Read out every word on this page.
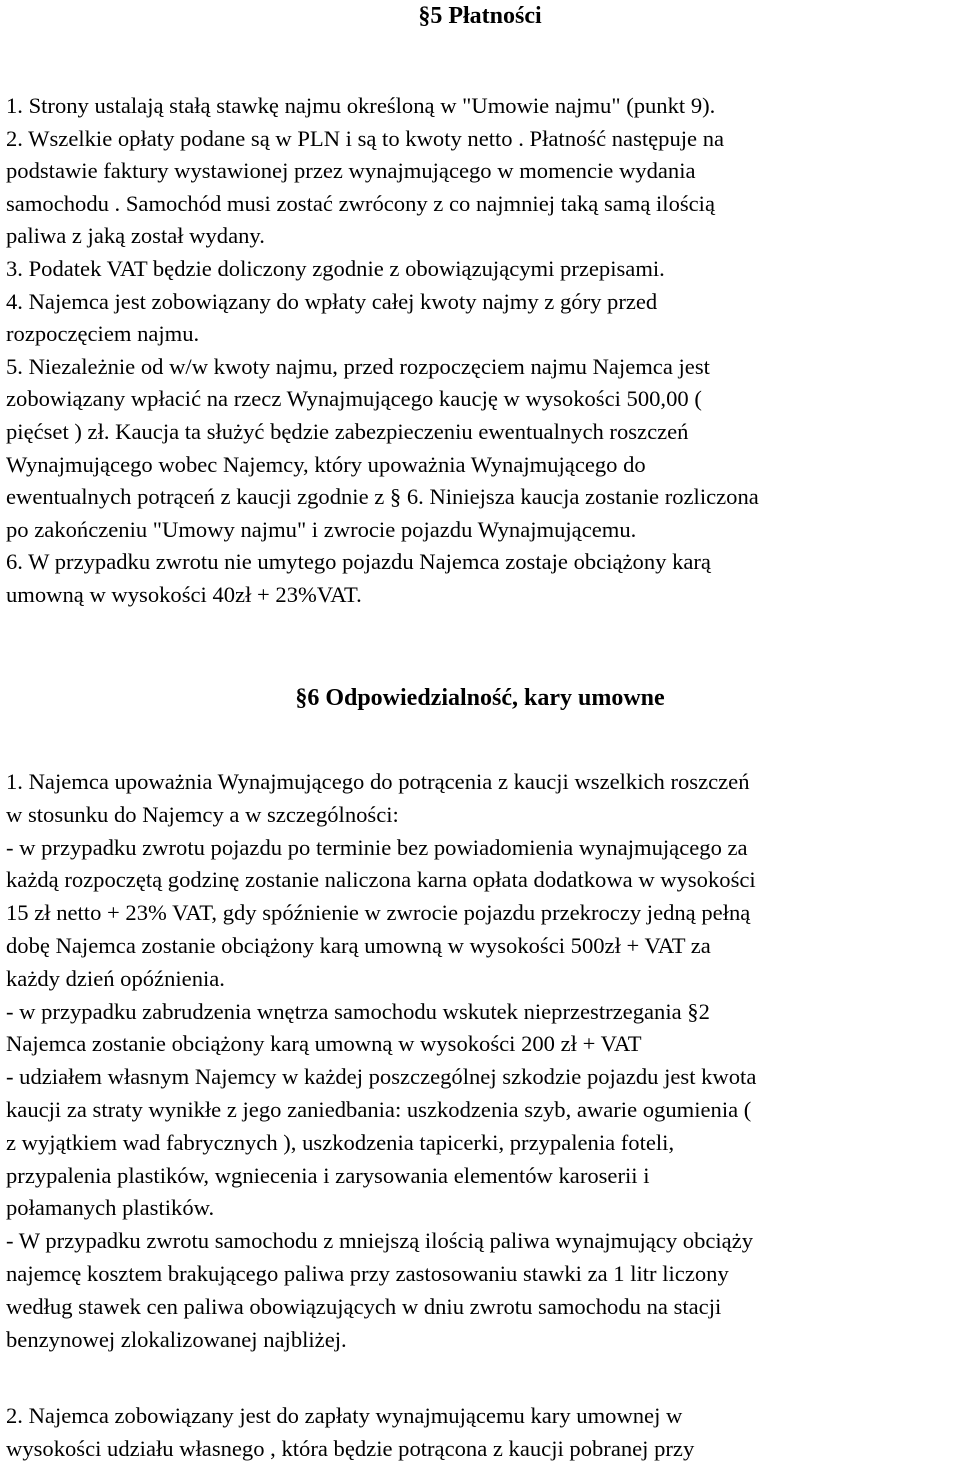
§5 Płatności
1. Strony ustalają stałą stawkę najmu określoną w "Umowie najmu" (punkt 9).
2. Wszelkie opłaty podane są w PLN i są to kwoty netto . Płatność następuje na
podstawie faktury wystawionej przez wynajmującego w momencie wydania
samochodu . Samochód musi zostać zwrócony z co najmniej taką samą ilością
paliwa z jaką został wydany.
3. Podatek VAT będzie doliczony zgodnie z obowiązującymi przepisami.
4. Najemca jest zobowiązany do wpłaty całej kwoty najmy z góry przed
rozpoczęciem najmu.
5. Niezależnie od w/w kwoty najmu, przed rozpoczęciem najmu Najemca jest
zobowiązany wpłacić na rzecz Wynajmującego kaucję w wysokości 500,00 (
pięćset ) zł. Kaucja ta służyć będzie zabezpieczeniu ewentualnych roszczeń
Wynajmującego wobec Najemcy, który upoważnia Wynajmującego do
ewentualnych potrąceń z kaucji zgodnie z § 6. Niniejsza kaucja zostanie rozliczona
po zakończeniu "Umowy najmu" i zwrocie pojazdu Wynajmującemu.
6. W przypadku zwrotu nie umytego pojazdu Najemca zostaje obciążony karą
umowną w wysokości 40zł + 23%VAT.
§6 Odpowiedzialność, kary umowne
1. Najemca upoważnia Wynajmującego do potrącenia z kaucji wszelkich roszczeń
w stosunku do Najemcy a w szczególności:
- w przypadku zwrotu pojazdu po terminie bez powiadomienia wynajmującego za
każdą rozpoczętą godzinę zostanie naliczona karna opłata dodatkowa w wysokości
15 zł netto + 23% VAT, gdy spóźnienie w zwrocie pojazdu przekroczy jedną pełną
dobę Najemca zostanie obciążony karą umowną w wysokości 500zł + VAT za
każdy dzień opóźnienia.
- w przypadku zabrudzenia wnętrza samochodu wskutek nieprzestrzegania §2
Najemca zostanie obciążony karą umowną w wysokości 200 zł + VAT
- udziałem własnym Najemcy w każdej poszczególnej szkodzie pojazdu jest kwota
kaucji za straty wynikłe z jego zaniedbania: uszkodzenia szyb, awarie ogumienia (
z wyjątkiem wad fabrycznych ), uszkodzenia tapicerki, przypalenia foteli,
przypalenia plastików, wgniecenia i zarysowania elementów karoserii i
połamanych plastików.
- W przypadku zwrotu samochodu z mniejszą ilością paliwa wynajmujący obciąży
najemcę kosztem brakującego paliwa przy zastosowaniu stawki za 1 litr liczony
według stawek cen paliwa obowiązujących w dniu zwrotu samochodu na stacji
benzynowej zlokalizowanej najbliżej.
2. Najemca zobowiązany jest do zapłaty wynajmującemu kary umownej w
wysokości udziału własnego , która będzie potrącona z kaucji pobranej przy
